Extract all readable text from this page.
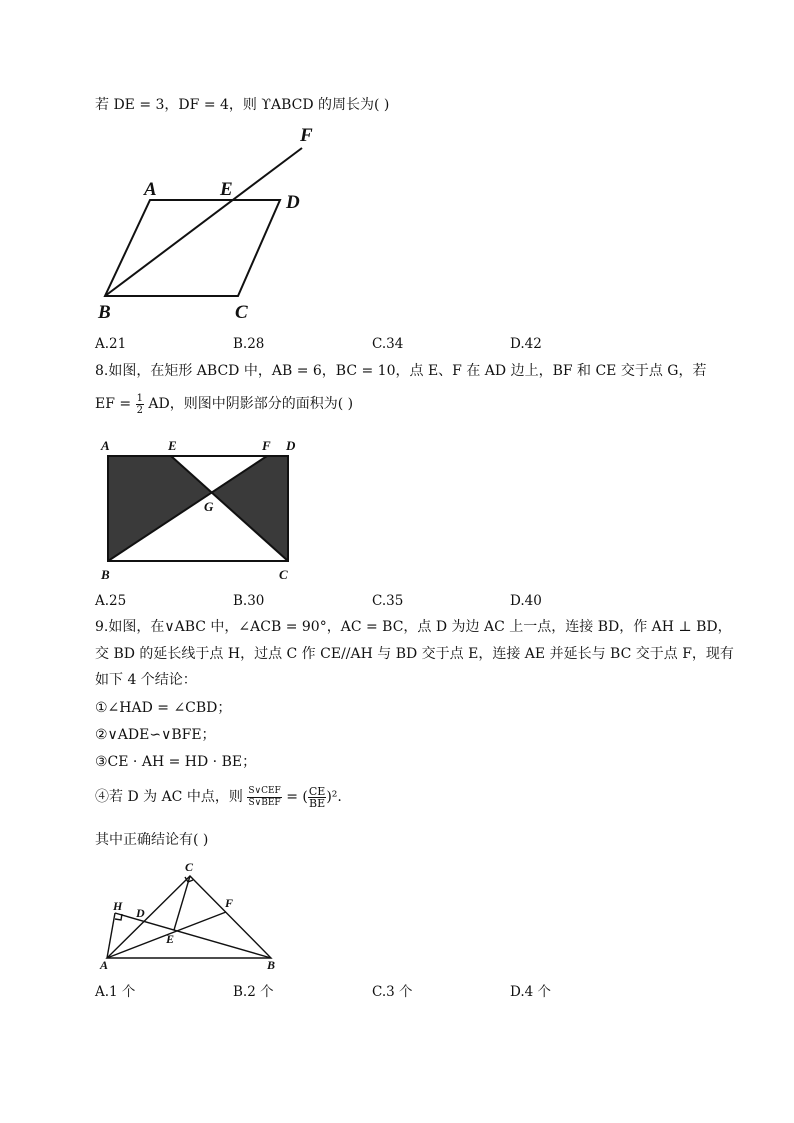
若 DE = 3，DF = 4，则 ϒABCD 的周长为( )
A	E
D
F
B	C
A.21	B.28	C.34	D.42
8.如图，在矩形 ABCD 中，AB = 6，BC = 10，点 E、F 在 AD 边上，BF 和 CE 交于点 G，若
EF = $\frac{1}{2}$ AD，则图中阴影部分的面积为( )
A	E	F D
G
B	C
A.25	B.30	C.35	D.40
9.如图，在∨ABC 中，∠ACB = 90°，AC = BC，点 D 为边 AC 上一点，连接 BD，作 AH ⊥ BD，
交 BD 的延长线于点 H，过点 C 作 CE//AH 与 BD 交于点 E，连接 AE 并延长与 BC 交于点 F，现有
如下 4 个结论：
①∠HAD = ∠CBD；
②∨ADE∽∨BFE；
③CE · AH = HD · BE；
④若 D 为 AC 中点，则 $\frac{\text{S∨CEF}}{\text{S∨BEF}}$ = ( $\frac{CE}{BE} )^2$.
其中正确结论有( )
C
H D
F
E
A	B
A.1 个	B.2 个	C.3 个	D.4 个
